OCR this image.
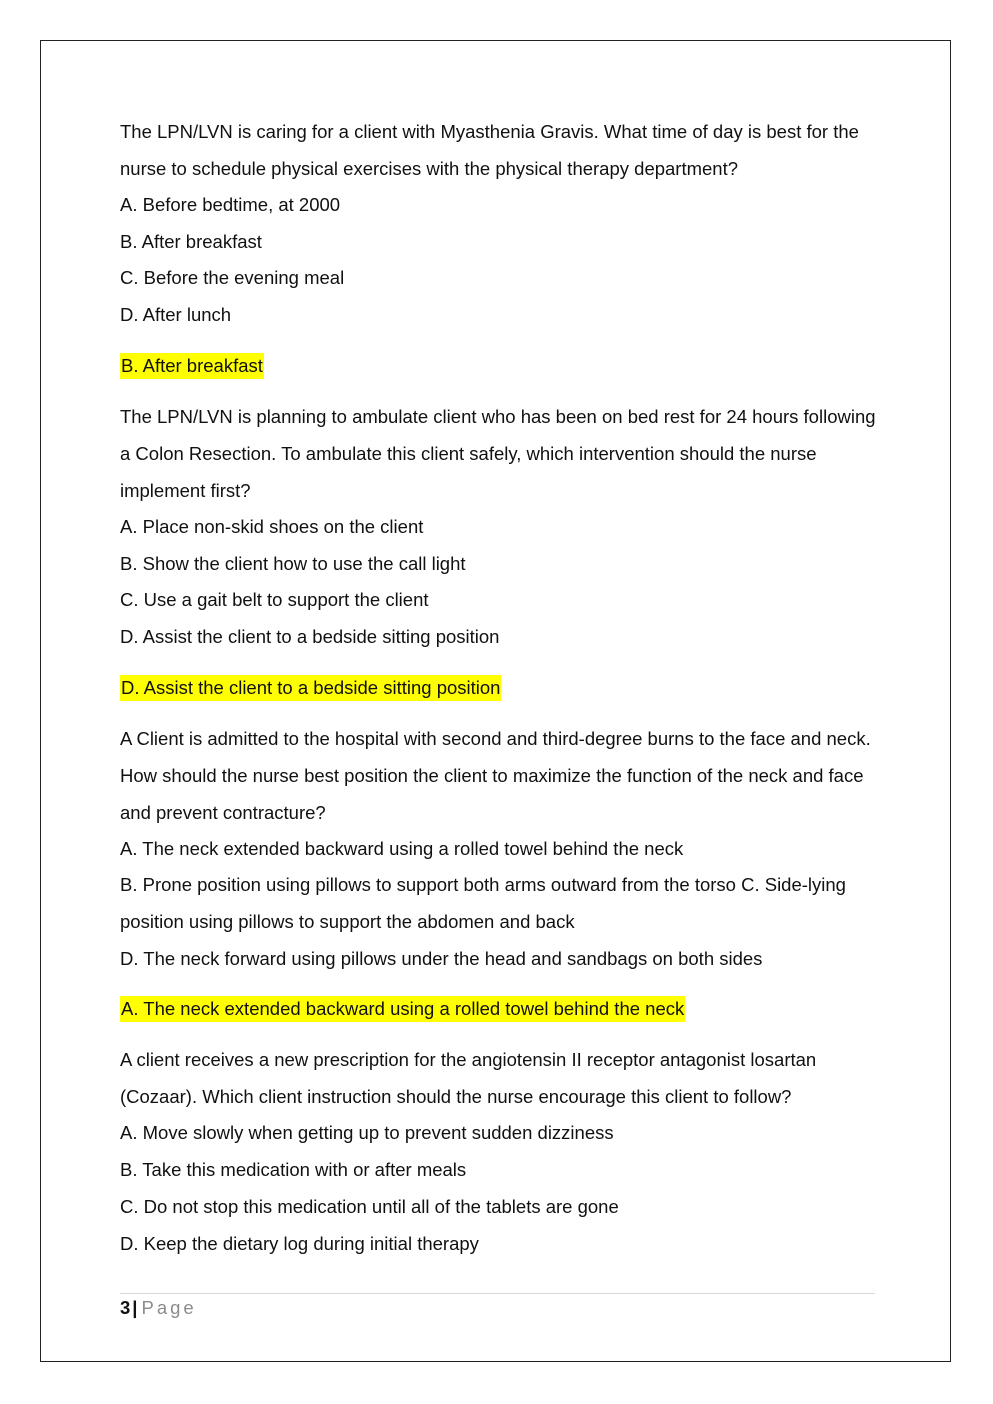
The LPN/LVN is caring for a client with Myasthenia Gravis. What time of day is best for the nurse to schedule physical exercises with the physical therapy department?

A. Before bedtime, at 2000

B. After breakfast

C. Before the evening meal

D. After lunch

B. After breakfast

The LPN/LVN is planning to ambulate client who has been on bed rest for 24 hours following a Colon Resection. To ambulate this client safely, which intervention should the nurse implement first?

A. Place non-skid shoes on the client

B. Show the client how to use the call light

C. Use a gait belt to support the client

D. Assist the client to a bedside sitting position

D. Assist the client to a bedside sitting position

A Client is admitted to the hospital with second and third-degree burns to the face and neck. How should the nurse best position the client to maximize the function of the neck and face and prevent contracture?

A. The neck extended backward using a rolled towel behind the neck

B. Prone position using pillows to support both arms outward from the torso C. Side-lying position using pillows to support the abdomen and back

D. The neck forward using pillows under the head and sandbags on both sides

A. The neck extended backward using a rolled towel behind the neck

A client receives a new prescription for the angiotensin II receptor antagonist losartan (Cozaar). Which client instruction should the nurse encourage this client to follow?

A. Move slowly when getting up to prevent sudden dizziness

B. Take this medication with or after meals

C. Do not stop this medication until all of the tablets are gone

D. Keep the dietary log during initial therapy

3 | Page
